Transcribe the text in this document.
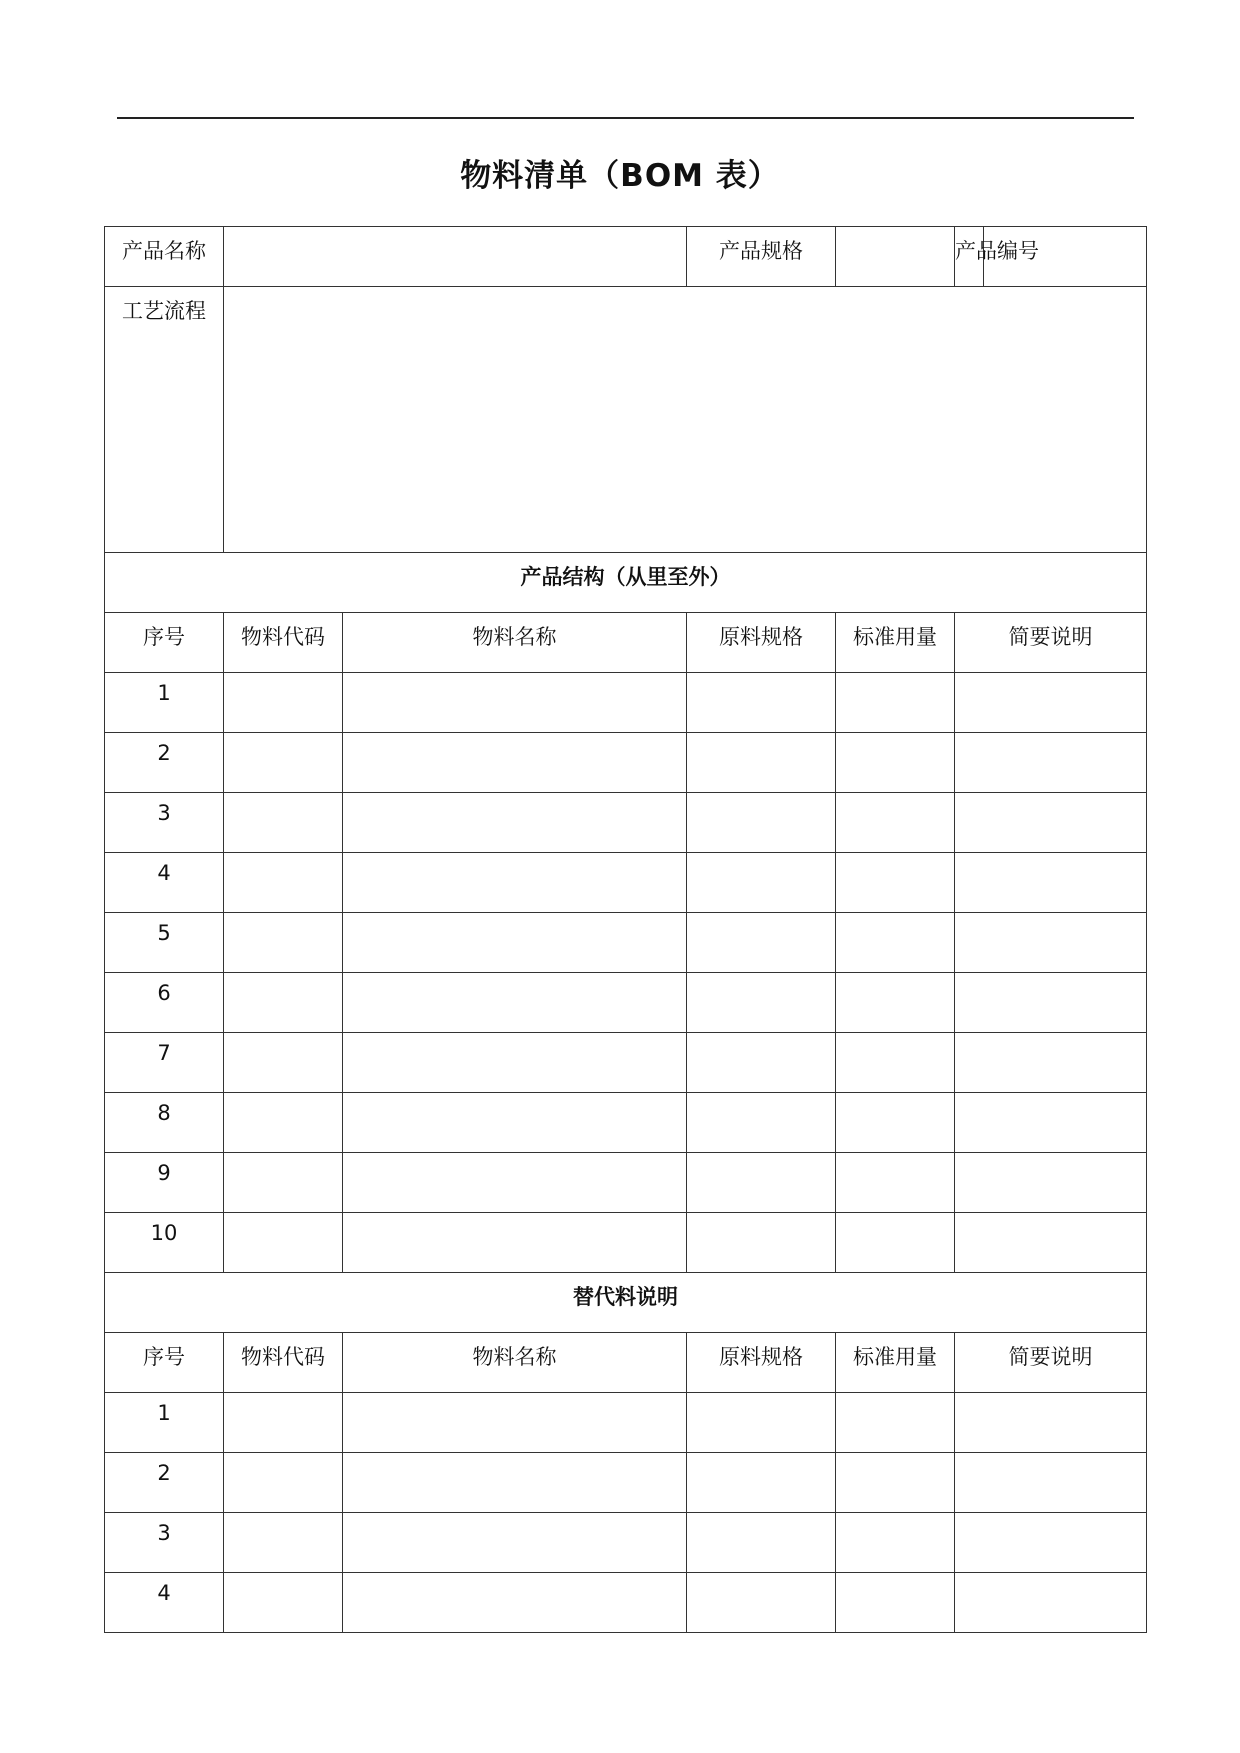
物料清单（BOM 表）
产品名称			产品规格		产品编号	
工艺流程						
产品结构（从里至外）						
序号	物料代码	物料名称	原料规格	标准用量	简要说明	
1						
2						
3						
4						
5						
6						
7						
8						
9						
10						
替代料说明						
序号	物料代码	物料名称	原料规格	标准用量	简要说明	
1						
2						
3						
4						
